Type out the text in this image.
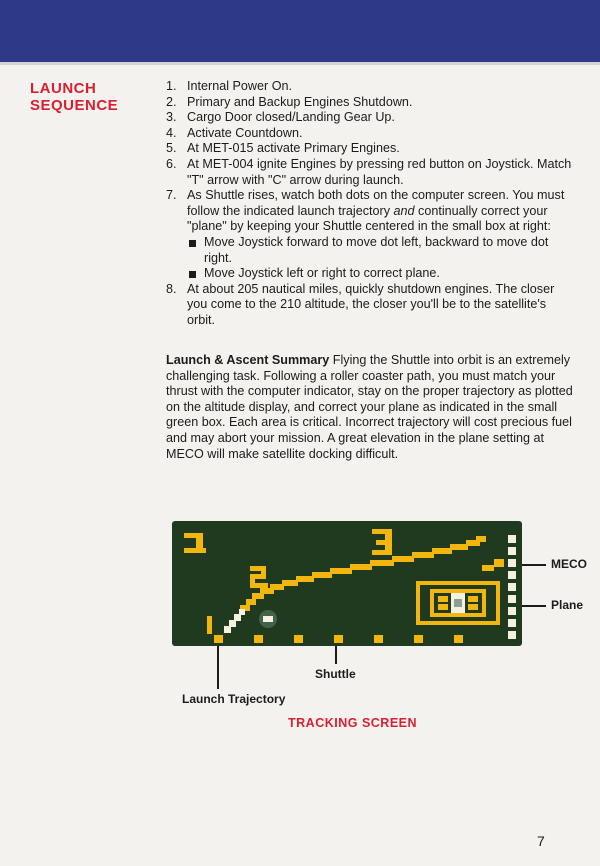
LAUNCH
SEQUENCE
1. Internal Power On.
2. Primary and Backup Engines Shutdown.
3. Cargo Door closed/Landing Gear Up.
4. Activate Countdown.
5. At MET-015 activate Primary Engines.
6. At MET-004 ignite Engines by pressing red button on Joystick. Match "T" arrow with "C" arrow during launch.
7. As Shuttle rises, watch both dots on the computer screen. You must follow the indicated launch trajectory and continually correct your "plane" by keeping your Shuttle centered in the small box at right:
Move Joystick forward to move dot left, backward to move dot right.
Move Joystick left or right to correct plane.
8. At about 205 nautical miles, quickly shutdown engines. The closer you come to the 210 altitude, the closer you'll be to the satellite's orbit.

Launch & Ascent Summary Flying the Shuttle into orbit is an extremely challenging task. Following a roller coaster path, you must match your thrust with the computer indicator, stay on the proper trajectory as plotted on the altitude display, and correct your plane as indicated in the small green box. Each area is critical. Incorrect trajectory will cost precious fuel and may abort your mission. A great elevation in the plane setting at MECO will make satellite docking difficult.

MECO
Plane
Shuttle
Launch Trajectory
TRACKING SCREEN
7
